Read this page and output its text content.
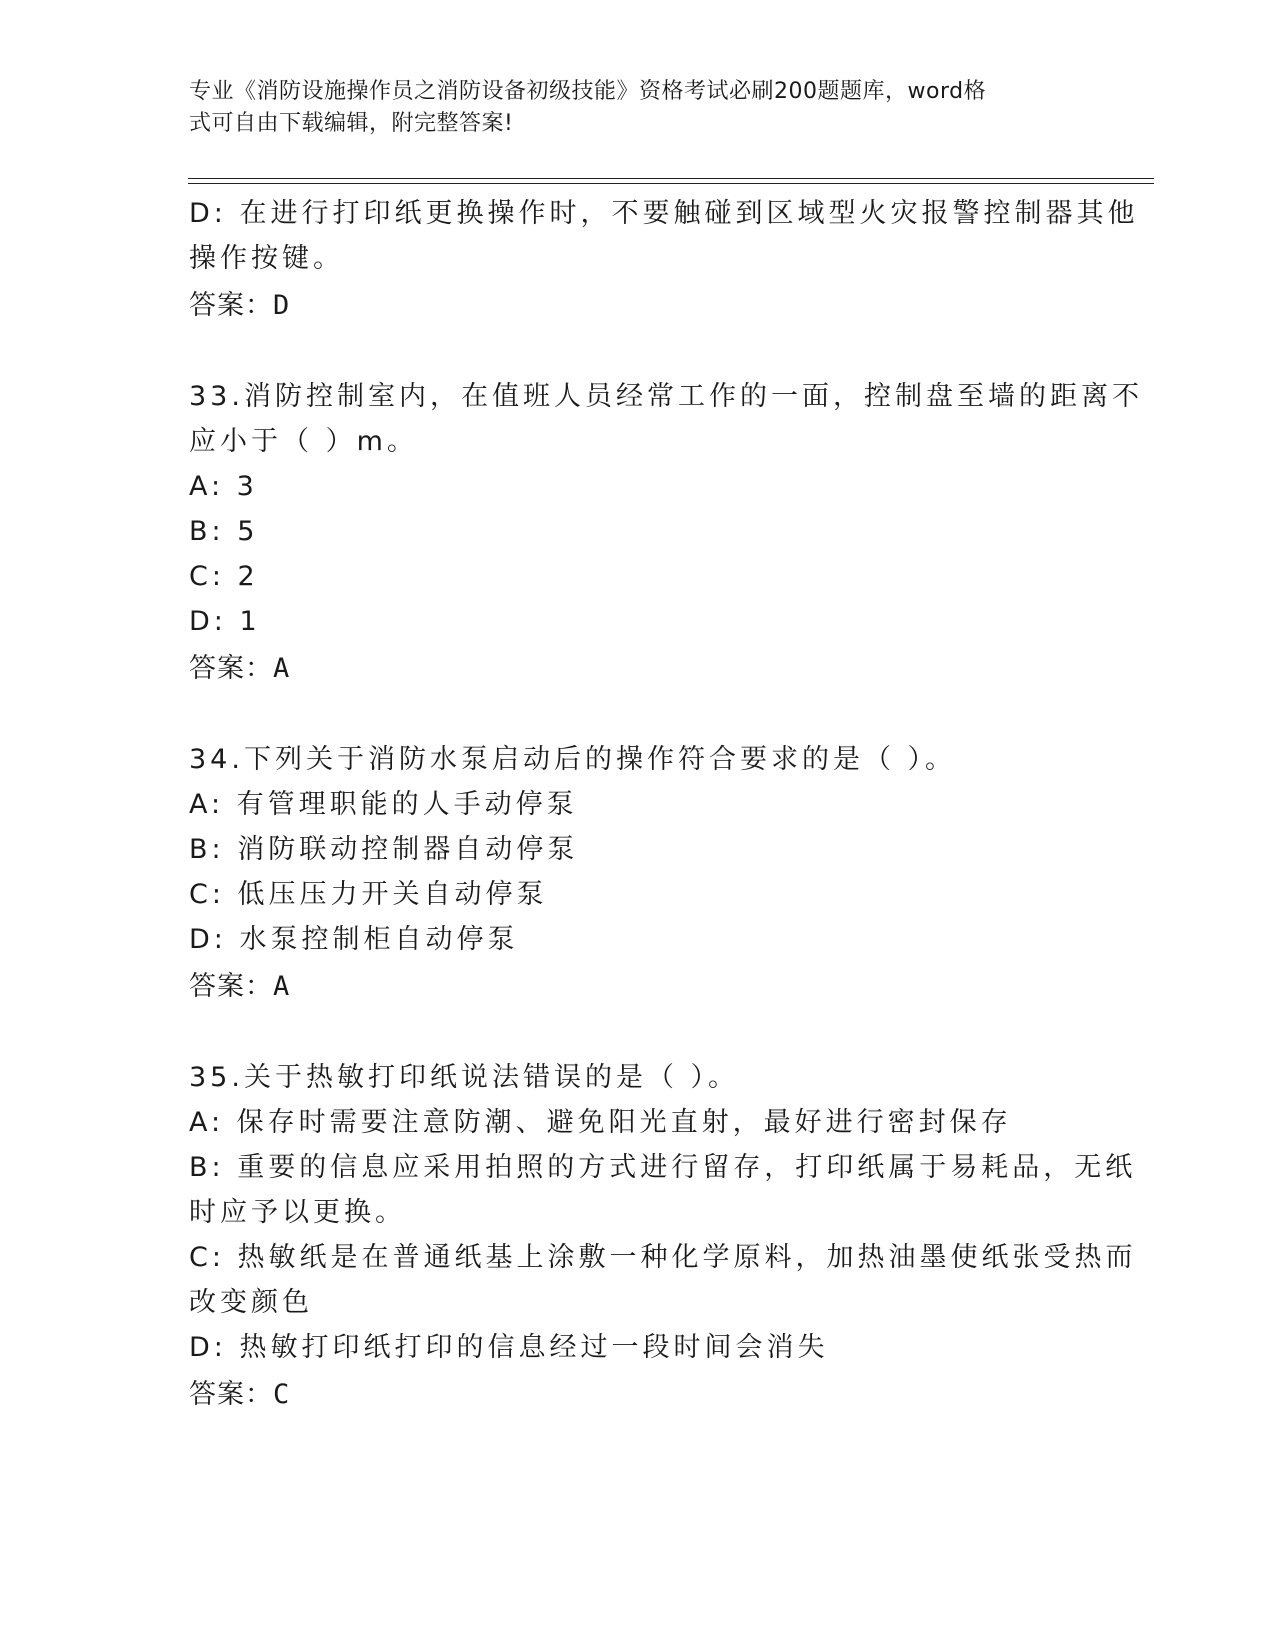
专业《消防设施操作员之消防设备初级技能》资格考试必刷200题题库，word格
式可自由下载编辑，附完整答案!
D: 在进行打印纸更换操作时，不要触碰到区域型火灾报警控制器其他
操作按键。
答案：D
33.消防控制室内，在值班人员经常工作的一面，控制盘至墙的距离不
应小于（ ）m。
A: 3
B: 5
C: 2
D: 1
答案：A
34.下列关于消防水泵启动后的操作符合要求的是（ ）。
A: 有管理职能的人手动停泵
B: 消防联动控制器自动停泵
C: 低压压力开关自动停泵
D: 水泵控制柜自动停泵
答案：A
35.关于热敏打印纸说法错误的是（ ）。
A: 保存时需要注意防潮、避免阳光直射，最好进行密封保存
B: 重要的信息应采用拍照的方式进行留存，打印纸属于易耗品，无纸
时应予以更换。
C: 热敏纸是在普通纸基上涂敷一种化学原料，加热油墨使纸张受热而
改变颜色
D: 热敏打印纸打印的信息经过一段时间会消失
答案：C
